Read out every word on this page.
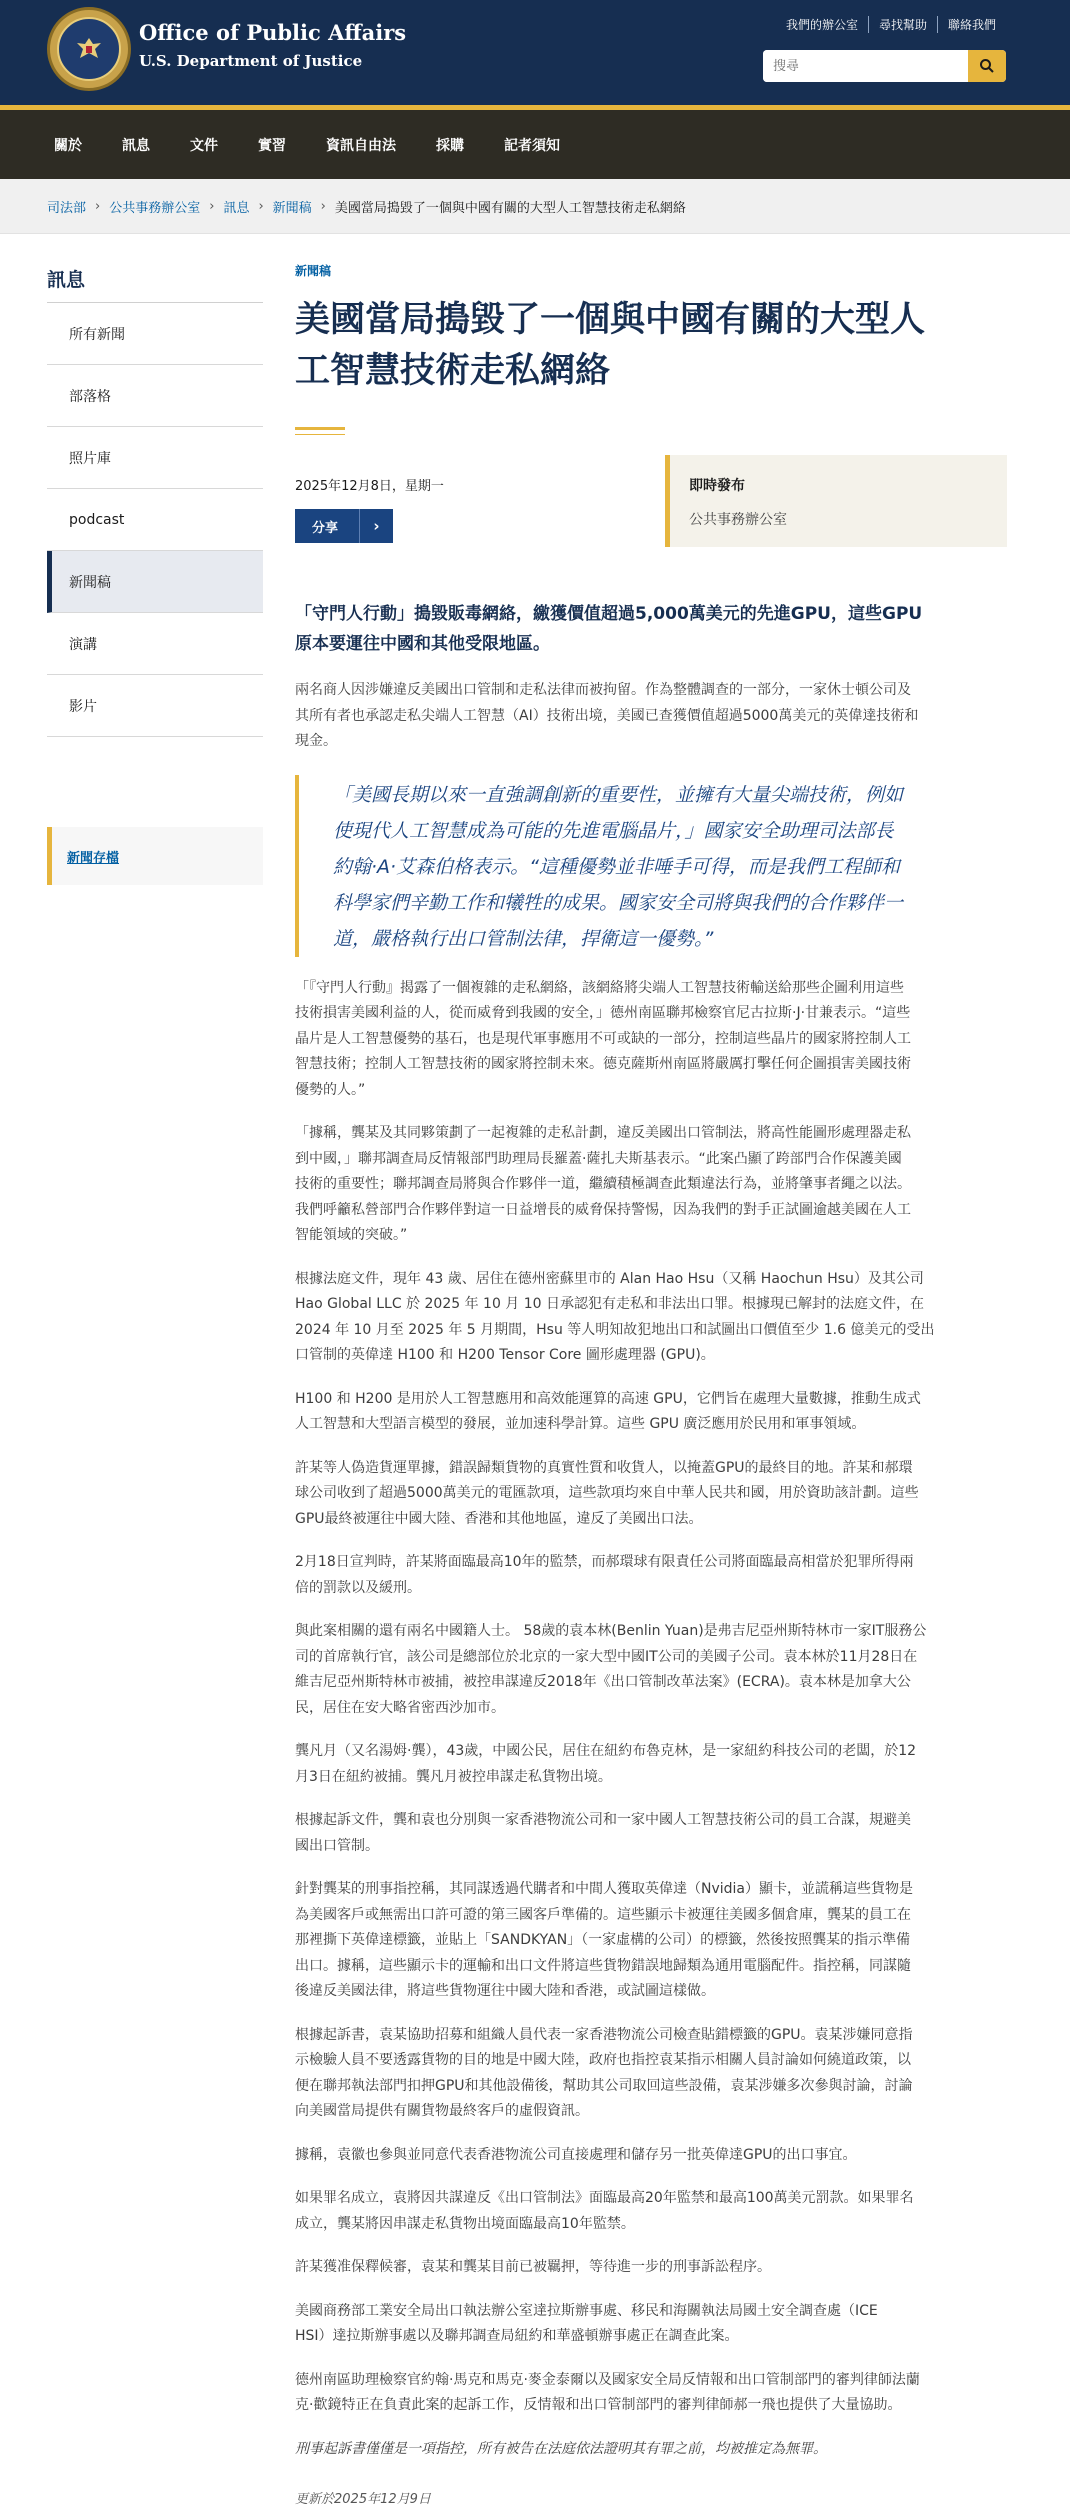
Office of Public Affairs
U.S. Department of Justice
我們的辦公室	尋找幫助	聯絡我們
搜尋
關於	訊息	文件	實習	資訊自由法	採購	記者須知
司法部 › 公共事務辦公室 › 訊息 › 新聞稿 › 美國當局搗毀了一個與中國有關的大型人工智慧技術走私網絡
訊息
所有新聞
部落格
照片庫
podcast
新聞稿
演講
影片
新聞存檔
新聞稿
美國當局搗毀了一個與中國有關的大型人
工智慧技術走私網絡
2025年12月8日，星期一
分享	›
即時發布
公共事務辦公室
「守門人行動」搗毀販毒網絡，繳獲價值超過5,000萬美元的先進GPU，這些GPU
原本要運往中國和其他受限地區。
兩名商人因涉嫌違反美國出口管制和走私法律而被拘留。作為整體調查的一部分，一家休士頓公司及
其所有者也承認走私尖端人工智慧（AI）技術出境，美國已查獲價值超過5000萬美元的英偉達技術和
現金。
「美國長期以來一直強調創新的重要性，並擁有大量尖端技術，例如
使現代人工智慧成為可能的先進電腦晶片，」國家安全助理司法部長
約翰·A·艾森伯格表示。“這種優勢並非唾手可得，而是我們工程師和
科學家們辛勤工作和犧牲的成果。國家安全司將與我們的合作夥伴一
道，嚴格執行出口管制法律，捍衛這一優勢。”
「『守門人行動』揭露了一個複雜的走私網絡，該網絡將尖端人工智慧技術輸送給那些企圖利用這些
技術損害美國利益的人，從而威脅到我國的安全，」德州南區聯邦檢察官尼古拉斯·J·甘兼表示。“這些
晶片是人工智慧優勢的基石，也是現代軍事應用不可或缺的一部分，控制這些晶片的國家將控制人工
智慧技術；控制人工智慧技術的國家將控制未來。德克薩斯州南區將嚴厲打擊任何企圖損害美國技術
優勢的人。”
「據稱，龔某及其同夥策劃了一起複雜的走私計劃，違反美國出口管制法，將高性能圖形處理器走私
到中國，」聯邦調查局反情報部門助理局長羅蓋·薩扎夫斯基表示。“此案凸顯了跨部門合作保護美國
技術的重要性；聯邦調查局將與合作夥伴一道，繼續積極調查此類違法行為，並將肇事者繩之以法。
我們呼籲私營部門合作夥伴對這一日益增長的威脅保持警惕，因為我們的對手正試圖逾越美國在人工
智能領域的突破。”
根據法庭文件，現年 43 歲、居住在德州密蘇里市的 Alan Hao Hsu（又稱 Haochun Hsu）及其公司
Hao Global LLC 於 2025 年 10 月 10 日承認犯有走私和非法出口罪。根據現已解封的法庭文件，在
2024 年 10 月至 2025 年 5 月期間，Hsu 等人明知故犯地出口和試圖出口價值至少 1.6 億美元的受出
口管制的英偉達 H100 和 H200 Tensor Core 圖形處理器 (GPU)。
H100 和 H200 是用於人工智慧應用和高效能運算的高速 GPU，它們旨在處理大量數據，推動生成式
人工智慧和大型語言模型的發展，並加速科學計算。這些 GPU 廣泛應用於民用和軍事領域。
許某等人偽造貨運單據，錯誤歸類貨物的真實性質和收貨人，以掩蓋GPU的最終目的地。許某和郝環
球公司收到了超過5000萬美元的電匯款項，這些款項均來自中華人民共和國，用於資助該計劃。這些
GPU最終被運往中國大陸、香港和其他地區，違反了美國出口法。
2月18日宣判時，許某將面臨最高10年的監禁，而郝環球有限責任公司將面臨最高相當於犯罪所得兩
倍的罰款以及緩刑。
與此案相關的還有兩名中國籍人士。 58歲的袁本林(Benlin Yuan)是弗吉尼亞州斯特林市一家IT服務公
司的首席執行官，該公司是總部位於北京的一家大型中國IT公司的美國子公司。袁本林於11月28日在
維吉尼亞州斯特林市被捕，被控串謀違反2018年《出口管制改革法案》(ECRA)。袁本林是加拿大公
民，居住在安大略省密西沙加市。
龔凡月（又名湯姆·龔），43歲，中國公民，居住在紐約布魯克林，是一家紐約科技公司的老闆，於12
月3日在紐約被捕。龔凡月被控串謀走私貨物出境。
根據起訴文件，龔和袁也分別與一家香港物流公司和一家中國人工智慧技術公司的員工合謀，規避美
國出口管制。
針對龔某的刑事指控稱，其同謀透過代購者和中間人獲取英偉達（Nvidia）顯卡，並謊稱這些貨物是
為美國客戶或無需出口許可證的第三國客戶準備的。這些顯示卡被運往美國多個倉庫，龔某的員工在
那裡撕下英偉達標籤，並貼上「SANDKYAN」（一家虛構的公司）的標籤，然後按照龔某的指示準備
出口。據稱，這些顯示卡的運輸和出口文件將這些貨物錯誤地歸類為通用電腦配件。指控稱，同謀隨
後違反美國法律，將這些貨物運往中國大陸和香港，或試圖這樣做。
根據起訴書，袁某協助招募和組織人員代表一家香港物流公司檢查貼錯標籤的GPU。袁某涉嫌同意指
示檢驗人員不要透露貨物的目的地是中國大陸，政府也指控袁某指示相關人員討論如何繞道政策，以
便在聯邦執法部門扣押GPU和其他設備後，幫助其公司取回這些設備，袁某涉嫌多次參與討論，討論
向美國當局提供有關貨物最終客戶的虛假資訊。
據稱，袁徽也參與並同意代表香港物流公司直接處理和儲存另一批英偉達GPU的出口事宜。
如果罪名成立，袁將因共謀違反《出口管制法》面臨最高20年監禁和最高100萬美元罰款。如果罪名
成立，龔某將因串謀走私貨物出境面臨最高10年監禁。
許某獲准保釋候審，袁某和龔某目前已被羈押，等待進一步的刑事訴訟程序。
美國商務部工業安全局出口執法辦公室達拉斯辦事處、移民和海關執法局國土安全調查處（ICE
HSI）達拉斯辦事處以及聯邦調查局紐約和華盛頓辦事處正在調查此案。
德州南區助理檢察官約翰·馬克和馬克·麥金泰爾以及國家安全局反情報和出口管制部門的審判律師法蘭
克·歡鏡特正在負責此案的起訴工作，反情報和出口管制部門的審判律師郝一飛也提供了大量協助。
刑事起訴書僅僅是一項指控，所有被告在法庭依法證明其有罪之前，均被推定為無罪。
更新於2025年12月9日
